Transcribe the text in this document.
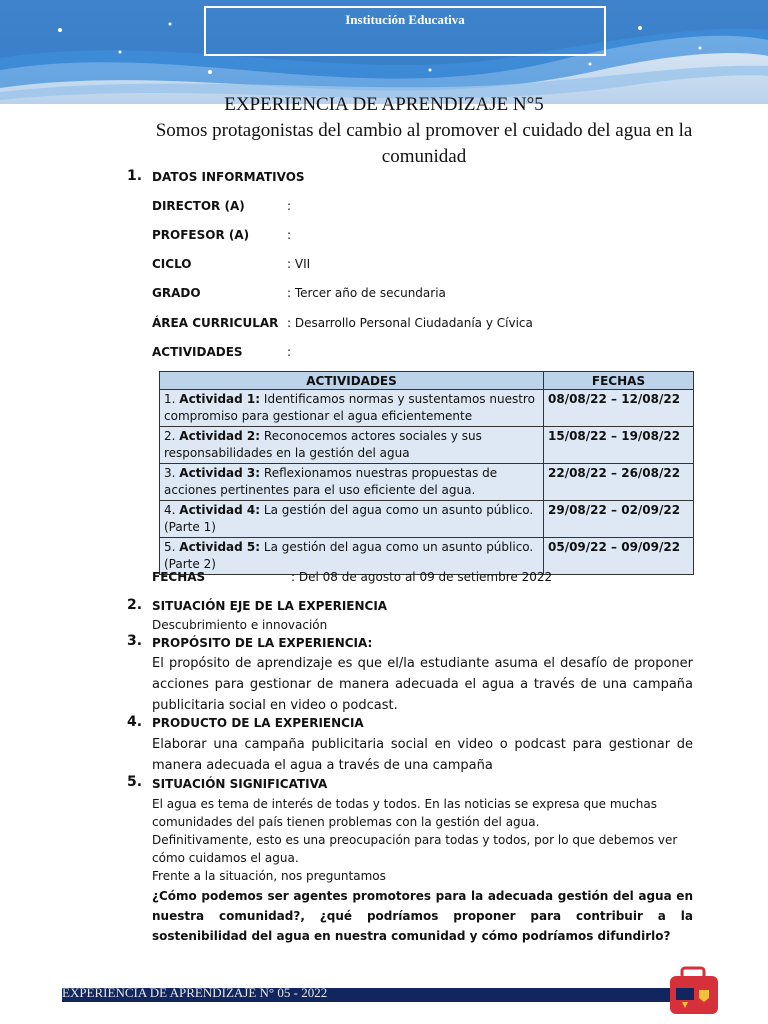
Institución Educativa
EXPERIENCIA DE APRENDIZAJE N°5
Somos protagonistas del cambio al promover el cuidado del agua en la comunidad
1. DATOS INFORMATIVOS
DIRECTOR (A)	:
PROFESOR (A)	:
CICLO	: VII
GRADO	: Tercer año de secundaria
ÁREA CURRICULAR : Desarrollo Personal Ciudadanía y Cívica
ACTIVIDADES	:
ACTIVIDADES	FECHAS
1. Actividad 1: Identificamos normas y sustentamos nuestro compromiso para gestionar el agua eficientemente	08/08/22 – 12/08/22
2. Actividad 2: Reconocemos actores sociales y sus responsabilidades en la gestión del agua	15/08/22 – 19/08/22
3. Actividad 3: Reflexionamos nuestras propuestas de acciones pertinentes para el uso eficiente del agua.	22/08/22 – 26/08/22
4. Actividad 4: La gestión del agua como un asunto público. (Parte 1)	29/08/22 – 02/09/22
5. Actividad 5: La gestión del agua como un asunto público. (Parte 2)	05/09/22 – 09/09/22
FECHAS	: Del 08 de agosto al 09 de setiembre 2022
2. SITUACIÓN EJE DE LA EXPERIENCIA
Descubrimiento e innovación
3. PROPÓSITO DE LA EXPERIENCIA:
El propósito de aprendizaje es que el/la estudiante asuma el desafío de proponer acciones para gestionar de manera adecuada el agua a través de una campaña publicitaria social en video o podcast.
4. PRODUCTO DE LA EXPERIENCIA
Elaborar una campaña publicitaria social en video o podcast para gestionar de manera adecuada el agua a través de una campaña
5. SITUACIÓN SIGNIFICATIVA
El agua es tema de interés de todas y todos. En las noticias se expresa que muchas comunidades del país tienen problemas con la gestión del agua.
Definitivamente, esto es una preocupación para todas y todos, por lo que debemos ver cómo cuidamos el agua.
Frente a la situación, nos preguntamos
¿Cómo podemos ser agentes promotores para la adecuada gestión del agua en nuestra comunidad?, ¿qué podríamos proponer para contribuir a la sostenibilidad del agua en nuestra comunidad y cómo podríamos difundirlo?
EXPERIENCIA DE APRENDIZAJE N° 05 - 2022
